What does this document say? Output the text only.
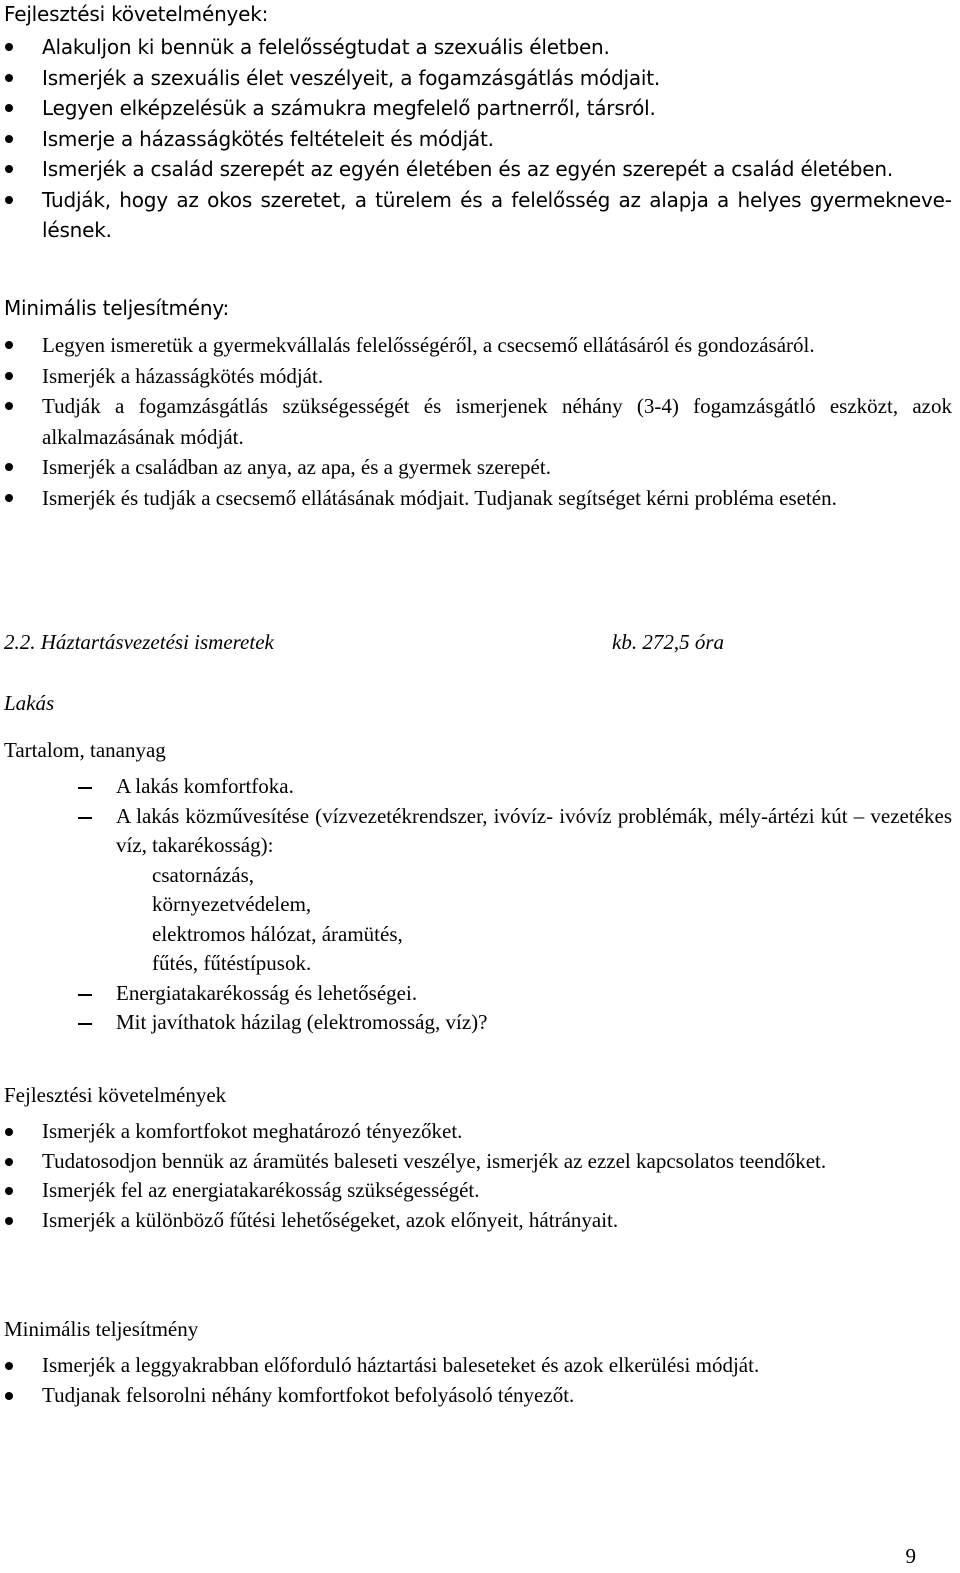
Fejlesztési követelmények:
Alakuljon ki bennük a felelősségtudat a szexuális életben.
Ismerjék a szexuális élet veszélyeit, a fogamzásgátlás módjait.
Legyen elképzelésük a számukra megfelelő partnerről, társról.
Ismerje a házasságkötés feltételeit és módját.
Ismerjék a család szerepét az egyén életében és az egyén szerepét a család életében.
Tudják, hogy az okos szeretet, a türelem és a felelősség az alapja a helyes gyermeknevelésnek.
Minimális teljesítmény:
Legyen ismeretük a gyermekvállalás felelősségéről, a csecsemő ellátásáról és gondozásáról.
Ismerjék a házasságkötés módját.
Tudják a fogamzásgátlás szükségességét és ismerjenek néhány (3-4) fogamzásgátló eszközt, azok alkalmazásának módját.
Ismerjék a családban az anya, az apa, és a gyermek szerepét.
Ismerjék és tudják a csecsemő ellátásának módjait. Tudjanak segítséget kérni probléma esetén.
2.2. Háztartásvezetési ismeretek	kb. 272,5 óra
Lakás
Tartalom, tananyag
A lakás komfortfoka.
A lakás közművesítése (vízvezetékrendszer, ivóvíz- ivóvíz problémák, mély-ártézi kút – vezetékes víz, takarékosság):
csatornázás,
környezetvédelem,
elektromos hálózat, áramütés,
fűtés, fűtéstípusok.
Energiatakarékosság és lehetőségei.
Mit javíthatok házilag (elektromosság, víz)?
Fejlesztési követelmények
Ismerjék a komfortfokot meghatározó tényezőket.
Tudatosodjon bennük az áramütés baleseti veszélye, ismerjék az ezzel kapcsolatos teendőket.
Ismerjék fel az energiatakarékosság szükségességét.
Ismerjék a különböző fűtési lehetőségeket, azok előnyeit, hátrányait.
Minimális teljesítmény
Ismerjék a leggyakrabban előforduló háztartási baleseteket és azok elkerülési módját.
Tudjanak felsorolni néhány komfortfokot befolyásoló tényezőt.
9
